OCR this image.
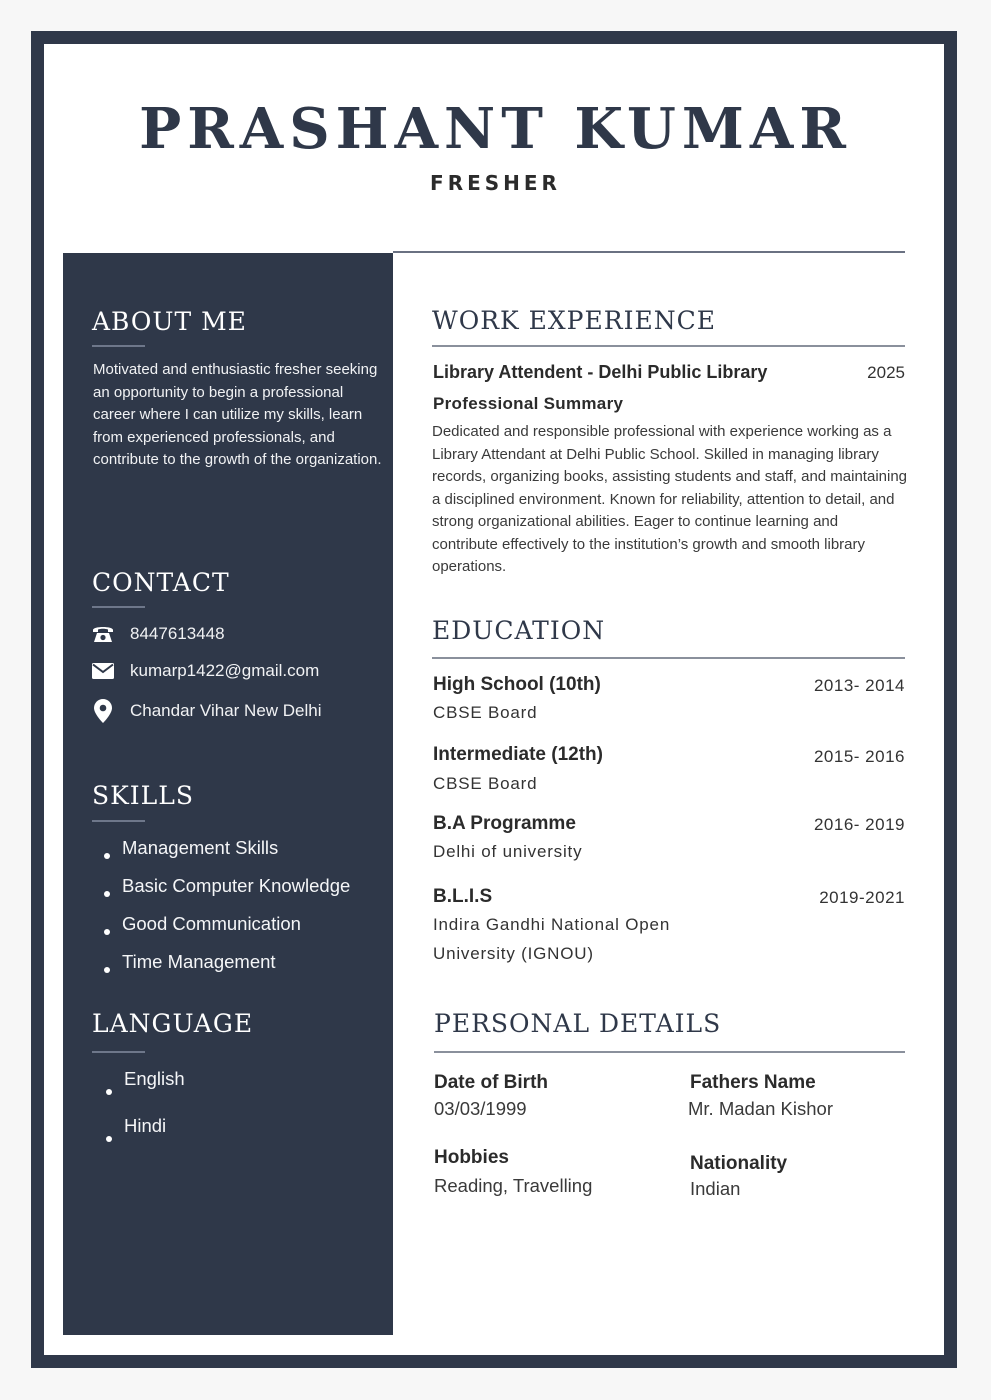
PRASHANT KUMAR
FRESHER
ABOUT ME

Motivated and enthusiastic fresher seeking an opportunity to begin a professional career where I can utilize my skills, learn from experienced professionals, and contribute to the growth of the organization.

CONTACT
8447613448
kumarp1422@gmail.com
Chandar Vihar New Delhi
SKILLS
Management Skills
Basic Computer Knowledge
Good Communication
Time Management
LANGUAGE
English
Hindi
WORK EXPERIENCE
Library Attendent - Delhi Public Library	2025
Professional Summary

Dedicated and responsible professional with experience working as a Library Attendant at Delhi Public School. Skilled in managing library records, organizing books, assisting students and staff, and maintaining a disciplined environment. Known for reliability, attention to detail, and strong organizational abilities. Eager to continue learning and contribute effectively to the institution’s growth and smooth library operations.

EDUCATION
High School (10th)	2013- 2014
CBSE Board
Intermediate (12th)	2015- 2016
CBSE Board
B.A Programme	2016- 2019
Delhi of university
B.L.I.S	2019-2021
Indira Gandhi National Open
University (IGNOU)
PERSONAL DETAILS
Date of Birth
03/03/1999
Fathers Name
Mr. Madan Kishor
Hobbies
Reading, Travelling
Nationality
Indian
